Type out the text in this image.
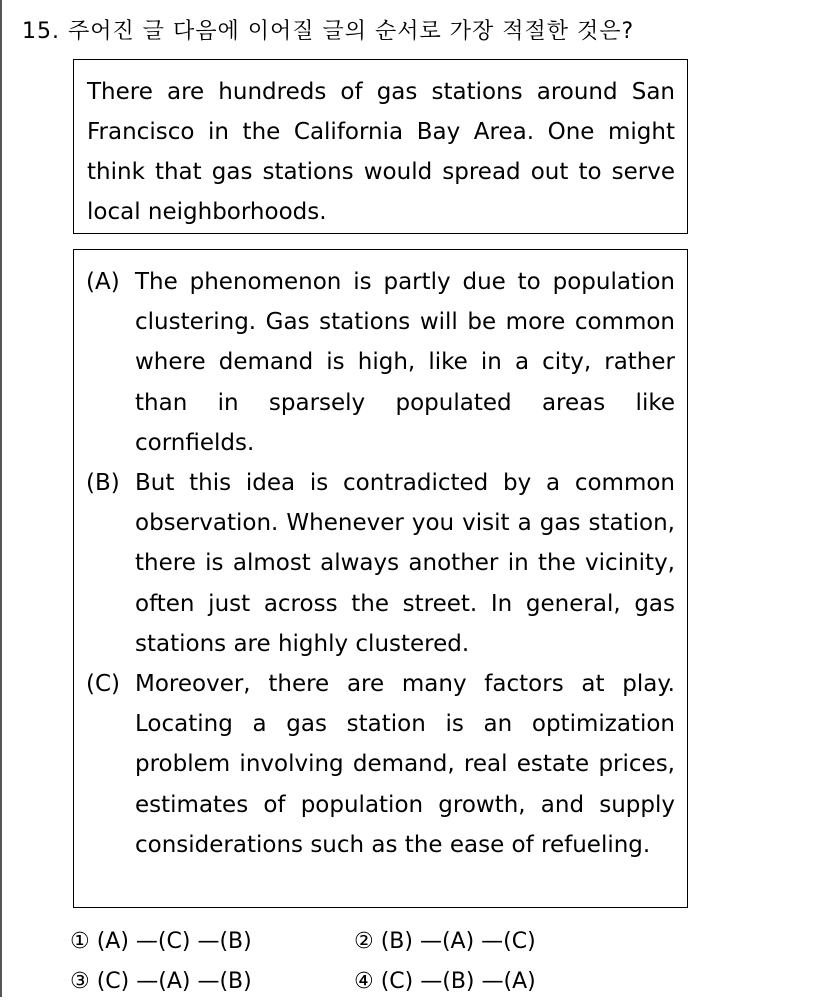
15. 주어진 글 다음에 이어질 글의 순서로 가장 적절한 것은?
There are hundreds of gas stations around San Francisco in the California Bay Area. One might think that gas stations would spread out to serve local neighborhoods.
(A) The phenomenon is partly due to population clustering. Gas stations will be more common where demand is high, like in a city, rather than in sparsely populated areas like cornfields.
(B) But this idea is contradicted by a common observation. Whenever you visit a gas station, there is almost always another in the vicinity, often just across the street. In general, gas stations are highly clustered.
(C) Moreover, there are many factors at play. Locating a gas station is an optimization problem involving demand, real estate prices, estimates of population growth, and supply considerations such as the ease of refueling.
① (A) —(C) —(B)	② (B) —(A) —(C)
③ (C) —(A) —(B)	④ (C) —(B) —(A)
